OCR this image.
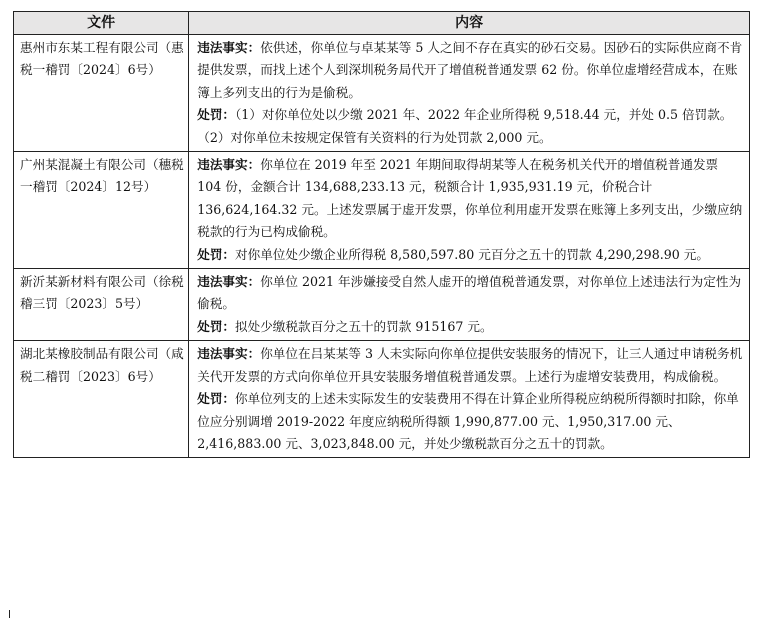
文件	内容
惠州市东某工程有限公司（惠税一稽罚〔2024〕6号）	违法事实：依供述，你单位与卓某某等 5 人之间不存在真实的砂石交易。因砂石的实际供应商不肯提供发票，而找上述个人到深圳税务局代开了增值税普通发票 62 份。你单位虚增经营成本，在账簿上多列支出的行为是偷税。

处罚：（1）对你单位处以少缴 2021 年、2022 年企业所得税 9,518.44 元，并处 0.5 倍罚款。（2）对你单位未按规定保管有关资料的行为处罚款 2,000 元。

广州某混凝土有限公司（穗税一稽罚〔2024〕12号）	违法事实：你单位在 2019 年至 2021 年期间取得胡某等人在税务机关代开的增值税普通发票 104 份，金额合计 134,688,233.13 元，税额合计 1,935,931.19 元，价税合计 136,624,164.32 元。上述发票属于虚开发票，你单位利用虚开发票在账簿上多列支出，少缴应纳税款的行为已构成偷税。

处罚：对你单位处少缴企业所得税 8,580,597.80 元百分之五十的罚款 4,290,298.90 元。

新沂某新材料有限公司（徐税稽三罚〔2023〕5号）	违法事实：你单位 2021 年涉嫌接受自然人虚开的增值税普通发票，对你单位上述违法行为定性为偷税。

处罚：拟处少缴税款百分之五十的罚款 915167 元。

湖北某橡胶制品有限公司（咸税二稽罚〔2023〕6号）	违法事实：你单位在吕某某等 3 人未实际向你单位提供安装服务的情况下，让三人通过申请税务机关代开发票的方式向你单位开具安装服务增值税普通发票。上述行为虚增安装费用，构成偷税。

处罚：你单位列支的上述未实际发生的安装费用不得在计算企业所得税应纳税所得额时扣除，你单位应分别调增 2019-2022 年度应纳税所得额 1,990,877.00 元、1,950,317.00 元、2,416,883.00 元、3,023,848.00 元，并处少缴税款百分之五十的罚款。
